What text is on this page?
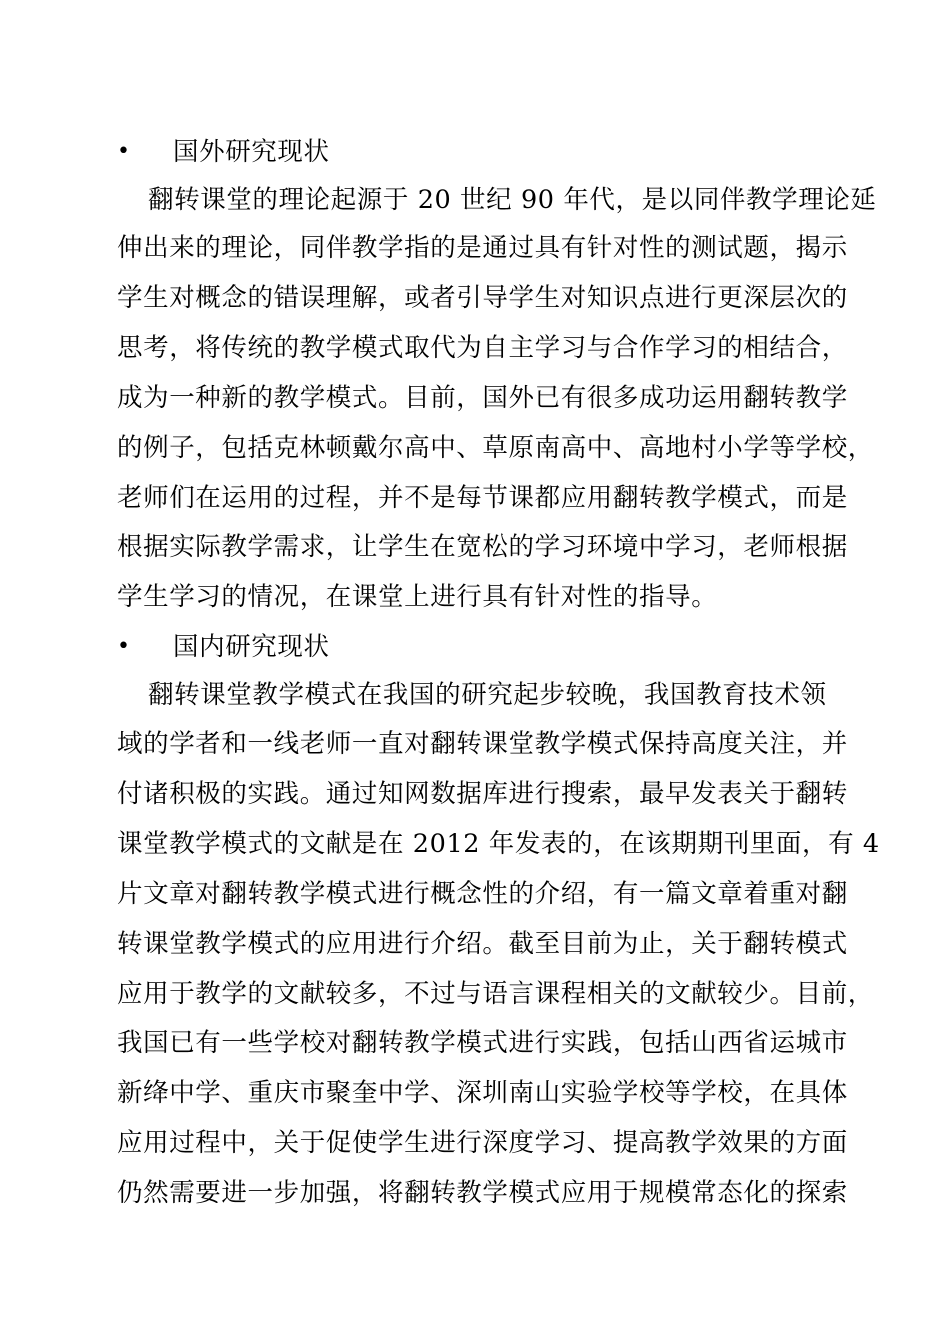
• 国外研究现状
翻转课堂的理论起源于 20 世纪 90 年代，是以同伴教学理论延
伸出来的理论，同伴教学指的是通过具有针对性的测试题，揭示
学生对概念的错误理解，或者引导学生对知识点进行更深层次的
思考，将传统的教学模式取代为自主学习与合作学习的相结合，
成为一种新的教学模式。目前，国外已有很多成功运用翻转教学
的例子，包括克林顿戴尔高中、草原南高中、高地村小学等学校，
老师们在运用的过程，并不是每节课都应用翻转教学模式，而是
根据实际教学需求，让学生在宽松的学习环境中学习，老师根据
学生学习的情况，在课堂上进行具有针对性的指导。
• 国内研究现状
翻转课堂教学模式在我国的研究起步较晚，我国教育技术领
域的学者和一线老师一直对翻转课堂教学模式保持高度关注，并
付诸积极的实践。通过知网数据库进行搜索，最早发表关于翻转
课堂教学模式的文献是在 2012 年发表的，在该期期刊里面，有 4
片文章对翻转教学模式进行概念性的介绍，有一篇文章着重对翻
转课堂教学模式的应用进行介绍。截至目前为止，关于翻转模式
应用于教学的文献较多，不过与语言课程相关的文献较少。目前，
我国已有一些学校对翻转教学模式进行实践，包括山西省运城市
新绛中学、重庆市聚奎中学、深圳南山实验学校等学校，在具体
应用过程中，关于促使学生进行深度学习、提高教学效果的方面
仍然需要进一步加强，将翻转教学模式应用于规模常态化的探索
